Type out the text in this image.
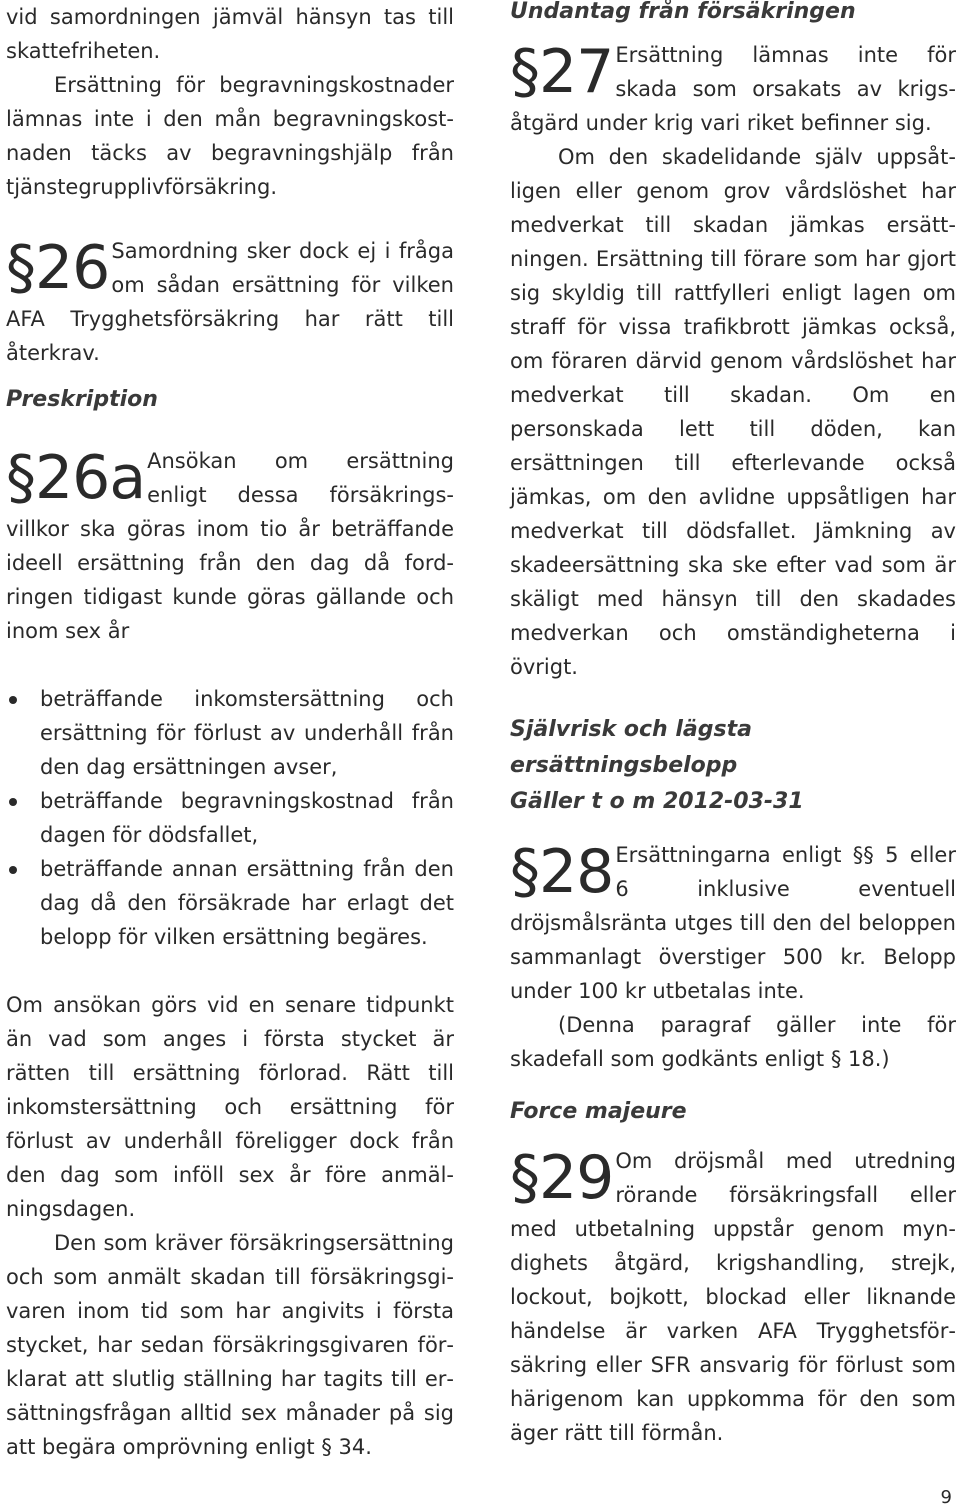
vid samordningen jämväl hänsyn tas till skattefriheten.

Ersättning för begravningskostnader lämnas inte i den mån begravningskostnaden täcks av begravningshjälp från tjänstegrupplivförsäkring.

§26 Samordning sker dock ej i fråga om sådan ersättning för vilken AFA Trygghetsförsäkring har rätt till återkrav.

Preskription
§26a Ansökan om ersättning enligt dessa försäkringsvillkor ska göras inom tio år beträffande ideell ersättning från den dag då fordringen tidigast kunde göras gällande och inom sex år

beträffande inkomstersättning och ersättning för förlust av underhåll från den dag ersättningen avser,
beträffande begravningskostnad från dagen för dödsfallet,
beträffande annan ersättning från den dag då den försäkrade har erlagt det belopp för vilken ersättning begäres.

Om ansökan görs vid en senare tidpunkt än vad som anges i första stycket är rätten till ersättning förlorad. Rätt till inkomstersättning och ersättning för förlust av underhåll föreligger dock från den dag som inföll sex år före anmälningsdagen.

Den som kräver försäkringsersättning och som anmält skadan till försäkringsgivaren inom tid som har angivits i första stycket, har sedan försäkringsgivaren förklarat att slutlig ställning har tagits till ersättningsfrågan alltid sex månader på sig att begära omprövning enligt § 34.

Undantag från försäkringen
§27 Ersättning lämnas inte för skada som orsakats av krigsåtgärd under krig vari riket befinner sig.

Om den skadelidande själv uppsåtligen eller genom grov vårdslöshet har medverkat till skadan jämkas ersättningen. Ersättning till förare som har gjort sig skyldig till rattfylleri enligt lagen om straff för vissa trafikbrott jämkas också, om föraren därvid genom vårdslöshet har medverkat till skadan. Om en personskada lett till döden, kan ersättningen till efterlevande också jämkas, om den avlidne uppsåtligen har medverkat till dödsfallet. Jämkning av skadeersättning ska ske efter vad som är skäligt med hänsyn till den skadades medverkan och omständigheterna i övrigt.

Självrisk och lägsta ersättningsbelopp
Gäller t o m 2012-03-31
§28 Ersättningarna enligt §§ 5 eller 6 inklusive eventuell dröjsmålsränta utges till den del beloppen sammanlagt överstiger 500 kr. Belopp under 100 kr utbetalas inte.

(Denna paragraf gäller inte för skadefall som godkänts enligt § 18.)

Force majeure
§29 Om dröjsmål med utredning rörande försäkringsfall eller med utbetalning uppstår genom myndighets åtgärd, krigshandling, strejk, lockout, bojkott, blockad eller liknande händelse är varken AFA Trygghetsförsäkring eller SFR ansvarig för förlust som härigenom kan uppkomma för den som äger rätt till förmån.

9
